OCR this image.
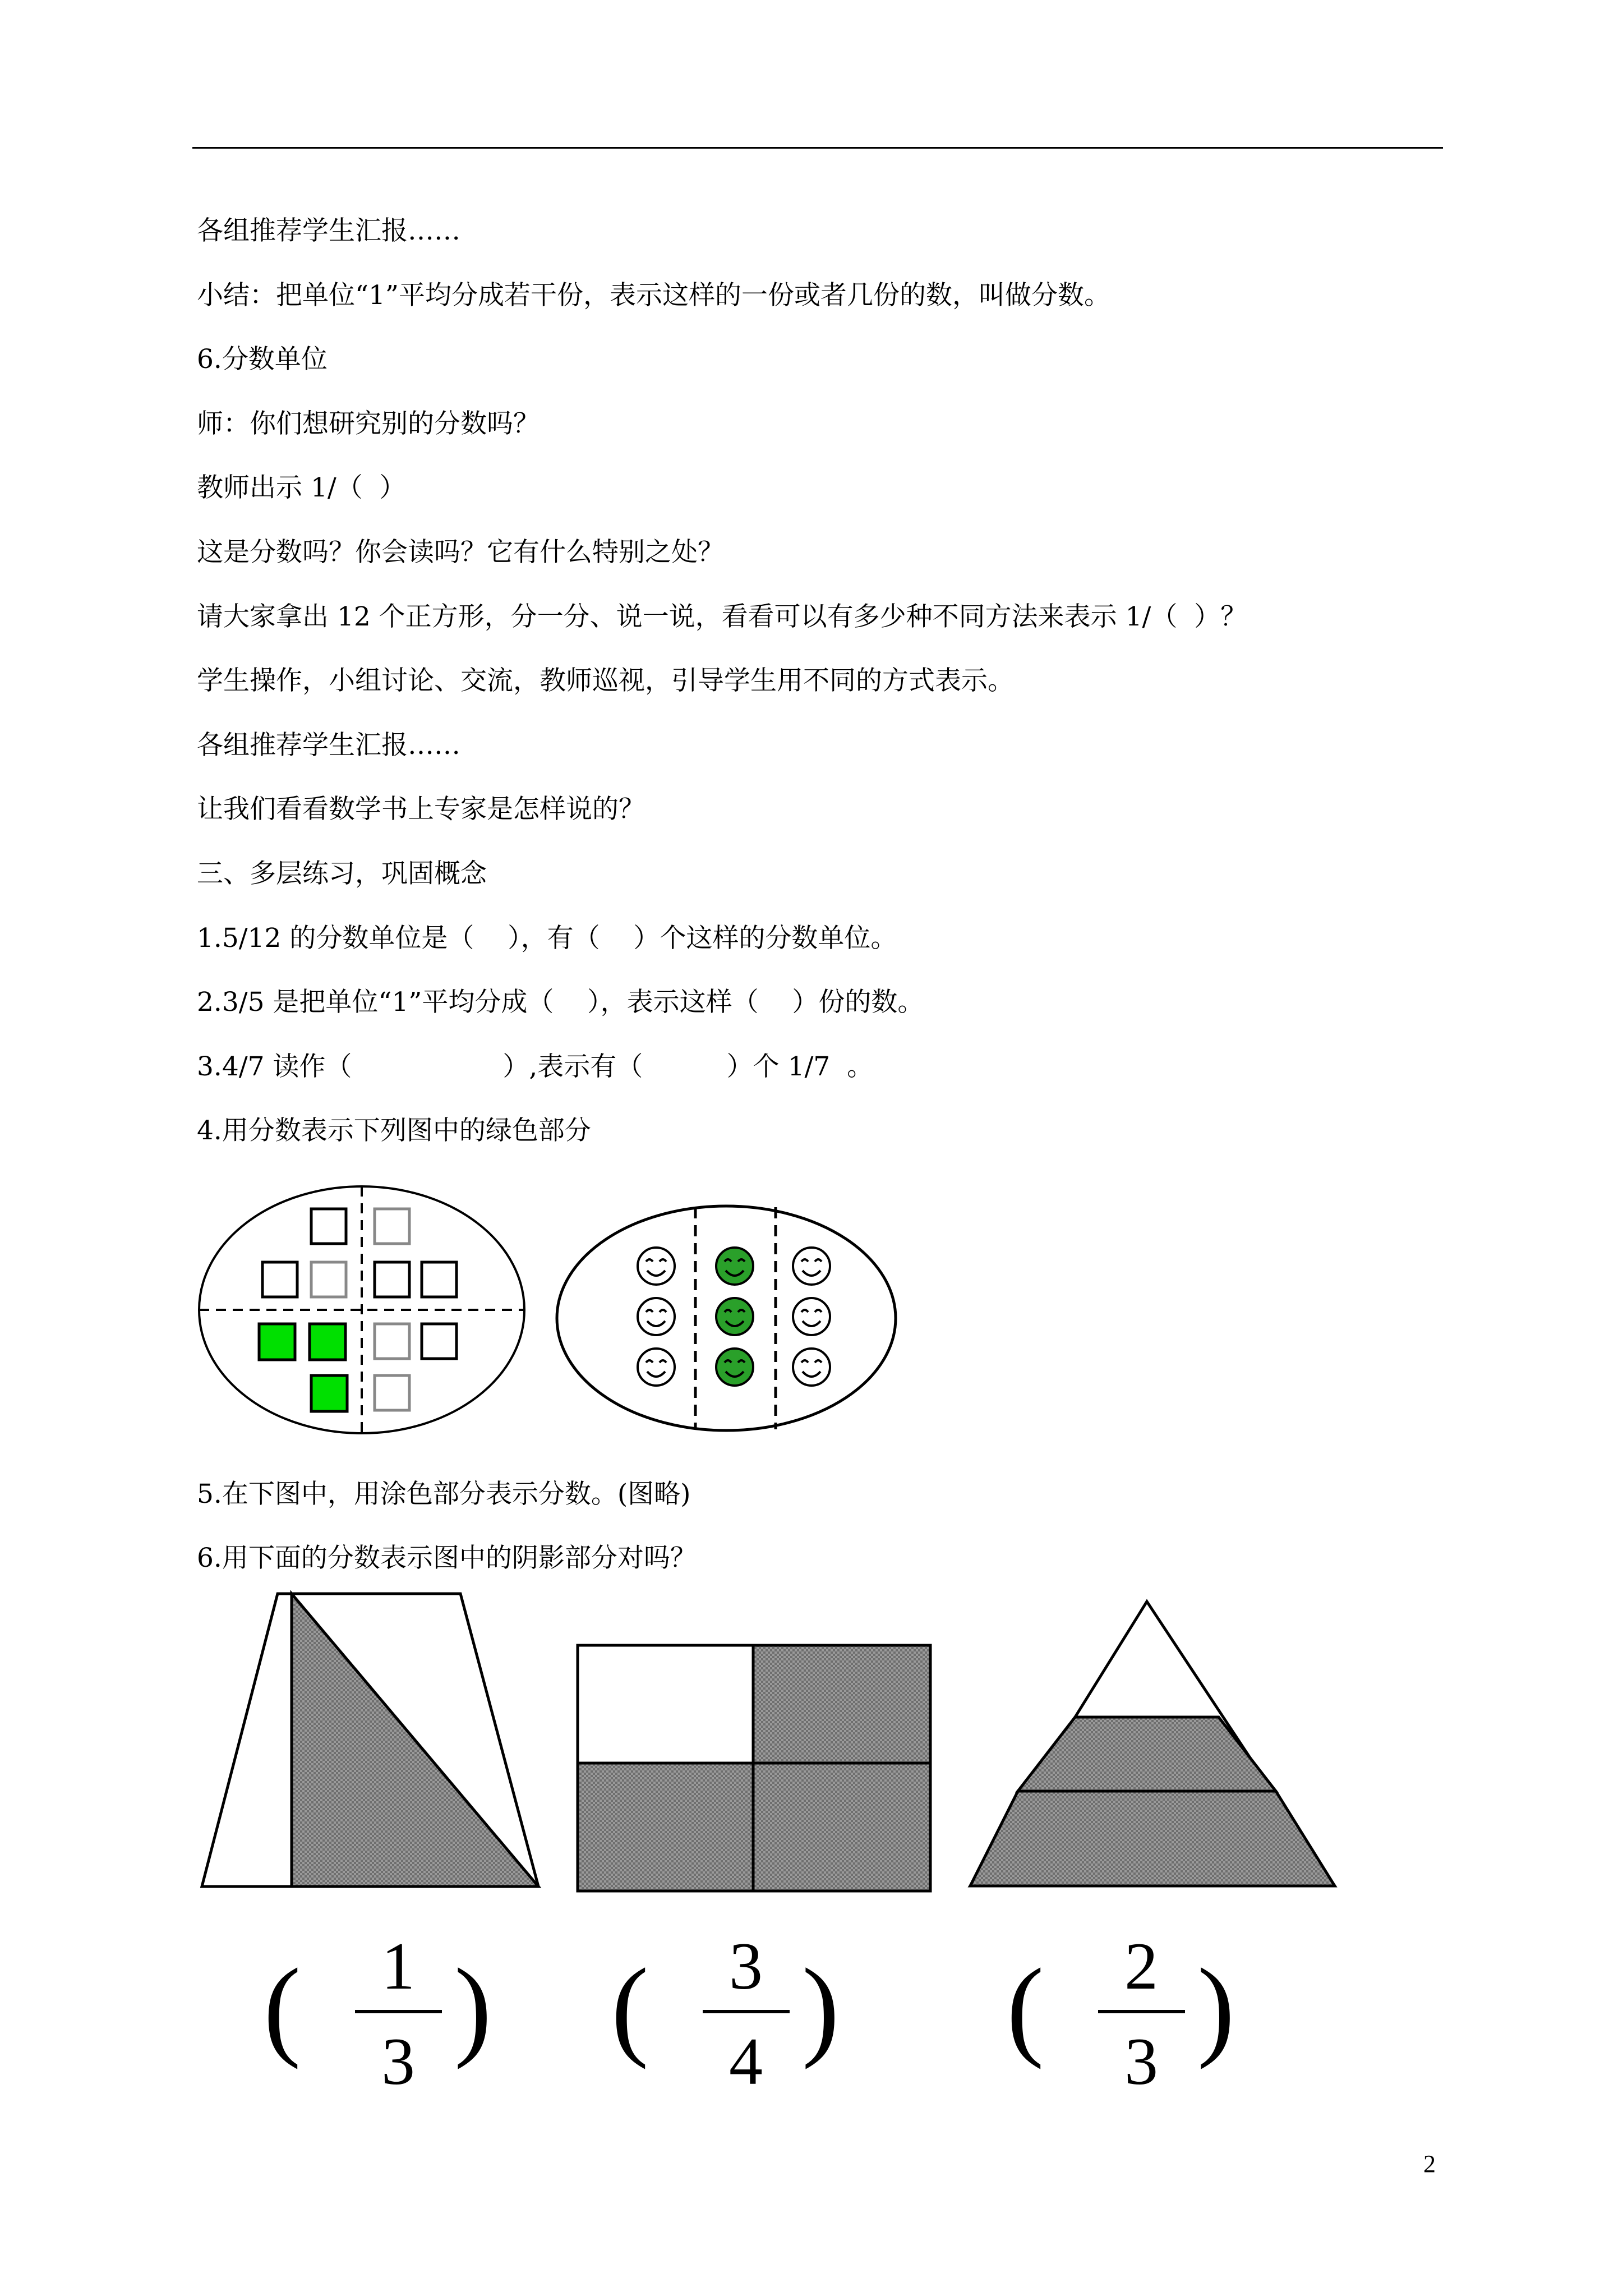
各组推荐学生汇报……
小结：把单位“1”平均分成若干份，表示这样的一份或者几份的数，叫做分数。
6.分数单位
师：你们想研究别的分数吗？
教师出示 1/（  ）
这是分数吗？你会读吗？它有什么特别之处？
请大家拿出 12 个正方形，分一分、说一说，看看可以有多少种不同方法来表示 1/（  ）？
学生操作，小组讨论、交流，教师巡视，引导学生用不同的方式表示。
各组推荐学生汇报……
让我们看看数学书上专家是怎样说的？
三、多层练习，巩固概念
1.5/12 的分数单位是（    ），有（    ）个这样的分数单位。
2.3/5 是把单位“1”平均分成（    ），表示这样（    ）份的数。
3.4/7 读作（                  ）,表示有（          ）个 1/7  。
4.用分数表示下列图中的绿色部分
5.在下图中，用涂色部分表示分数。(图略)
6.用下面的分数表示图中的阴影部分对吗？
(	1
3 ) (	3
4 ) (	2
3 )
2
